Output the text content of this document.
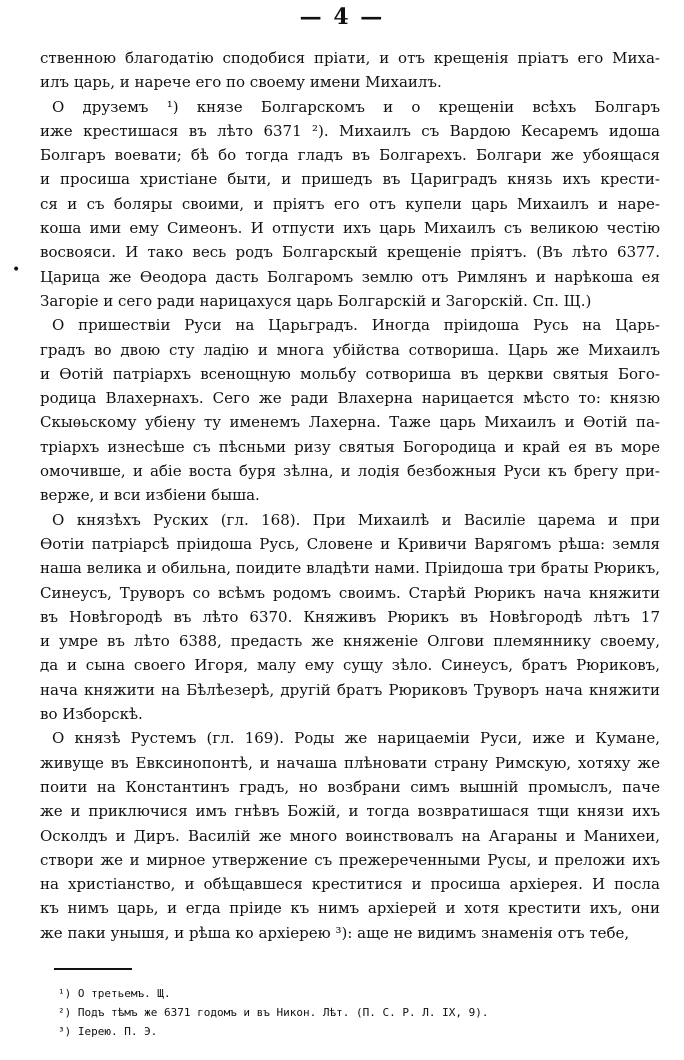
— 4 —
•
ственною благодатію сподобися пріати, и отъ крещенія пріатъ его Миха-
илъ царь, и нарече его по своему имени Михаилъ.
О друземъ ¹) князе Болгарскомъ и о крещеніи всѣхъ Болгаръ
иже крестишася въ лѣто 6371 ²). Михаилъ съ Вардою Кесаремъ идоша
Болгаръ воевати; бѣ бо тогда гладъ въ Болгарехъ. Болгари же убоящася
и просиша христіане быти, и пришедъ въ Цариградъ князь ихъ крести-
ся и съ боляры своими, и пріятъ его отъ купели царь Михаилъ и наре-
коша ими ему Симеонъ. И отпусти ихъ царь Михаилъ съ великою честію
восвояси. И тако весь родъ Болгарскый крещеніе пріятъ. (Въ лѣто 6377.
Царица же Ѳеодора дасть Болгаромъ землю отъ Римлянъ и нарѣкоша ея
Загоріе и сего ради нарицахуся царь Болгарскій и Загорскій. Сп. Щ.)
О пришествіи Руси на Царьградъ. Иногда пріидоша Русь на Царь-
градъ во двою сту ладію и многа убійства сотвориша. Царь же Михаилъ
и Ѳотій патріархъ всенощную мольбу сотвориша въ церкви святыя Бого-
родица Влахернахъ. Сего же ради Влахерна нарицается мѣсто то: князю
Скыѳьскому убіену ту именемъ Лахерна. Таже царь Михаилъ и Ѳотій па-
тріархъ изнесѣше съ пѣсньми ризу святыя Богородица и край ея въ море
омочивше, и абіе воста буря зѣлна, и лодія безбожныя Руси къ брегу при-
верже, и вси избіени быша.
О князѣхъ Руских (гл. 168). При Михаилѣ и Василіе царема и при
Ѳотіи патріарсѣ пріидоша Русь, Словене и Кривичи Варягомъ рѣша: земля
наша велика и обильна, поидите владѣти нами. Пріидоша три браты Рюрикъ,
Синеусъ, Труворъ со всѣмъ родомъ своимъ. Старѣй Рюрикъ нача княжити
въ Новѣгородѣ въ лѣто 6370. Княживъ Рюрикъ въ Новѣгородѣ лѣтъ 17
и умре въ лѣто 6388, предасть же княженіе Олгови племяннику своему,
да и сына своего Игоря, малу ему сущу зѣло. Синеусъ, братъ Рюриковъ,
нача княжити на Бѣлѣезерѣ, другій братъ Рюриковъ Труворъ нача княжити
во Изборскѣ.
О князѣ Рустемъ (гл. 169). Роды же нарицаеміи Руси, иже и Кумане,
живуще въ Евксинопонтѣ, и начаша плѣновати страну Римскую, хотяху же
поити на Константинъ градъ, но возбрани симъ вышній промыслъ, паче
же и приключися имъ гнѣвъ Божій, и тогда возвратишася тщи князи ихъ
Осколдъ и Диръ. Василій же много воинствовалъ на Агараны и Манихеи,
створи же и мирное утвержение съ прежереченными Русы, и преложи ихъ
на христіанство, и обѣщавшеся креститися и просиша архіерея. И посла
къ нимъ царь, и егда пріиде къ нимъ архіерей и хотя крестити ихъ, они
же паки унышя, и рѣша ко архіерею ³): аще не видимъ знаменія отъ тебе,
¹) О третьемъ. Щ.
²) Подъ тѣмъ же 6371 годомъ и въ Никон. Лѣт. (П. С. Р. Л. IX, 9).
³) Іерею. П. Э.
